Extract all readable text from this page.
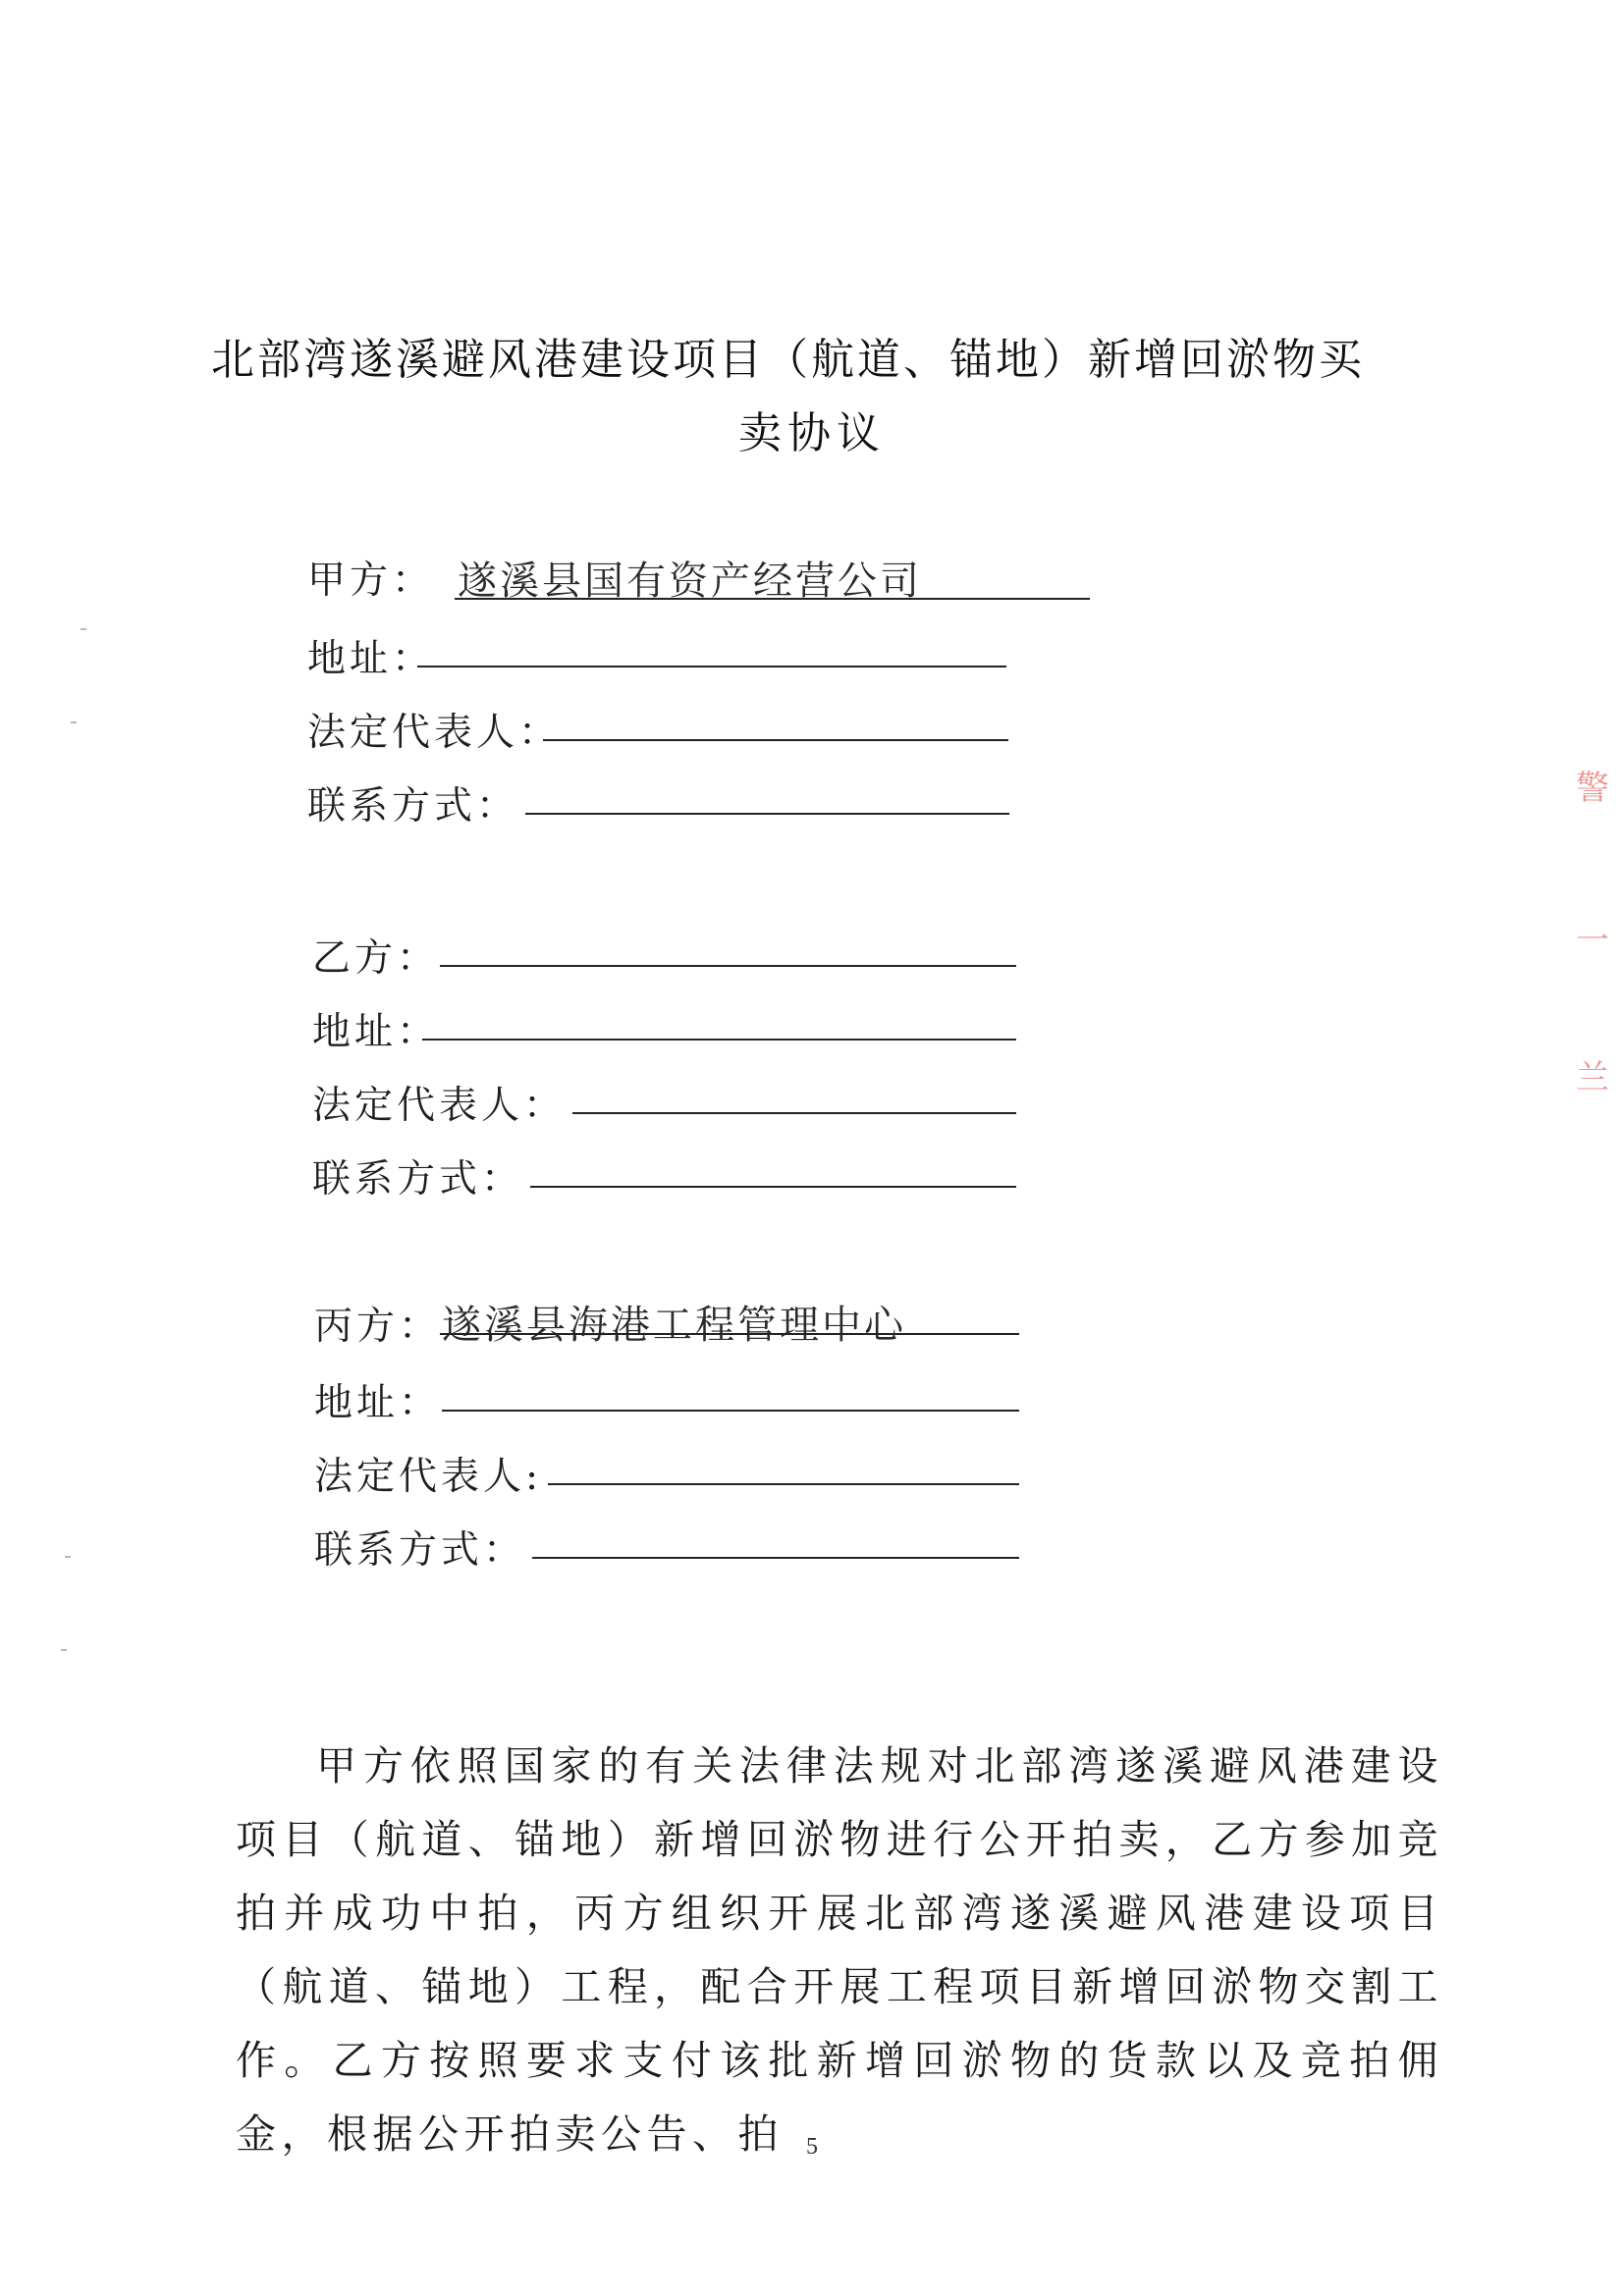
北部湾遂溪避风港建设项目（航道、锚地）新增回淤物买
卖协议
甲方： 遂溪县国有资产经营公司
地址：
法定代表人：
联系方式：
乙方：
地址：
法定代表人：
联系方式：
丙方： 遂溪县海港工程管理中心
地址：
法定代表人:
联系方式：
甲方依照国家的有关法律法规对北部湾遂溪避风港建设项目（航道、锚地）新增回淤物进行公开拍卖，乙方参加竞拍并成功中拍，丙方组织开展北部湾遂溪避风港建设项目（航道、锚地）工程，配合开展工程项目新增回淤物交割工作。乙方按照要求支付该批新增回淤物的货款以及竞拍佣金，根据公开拍卖公告、拍 5
警
一
兰
